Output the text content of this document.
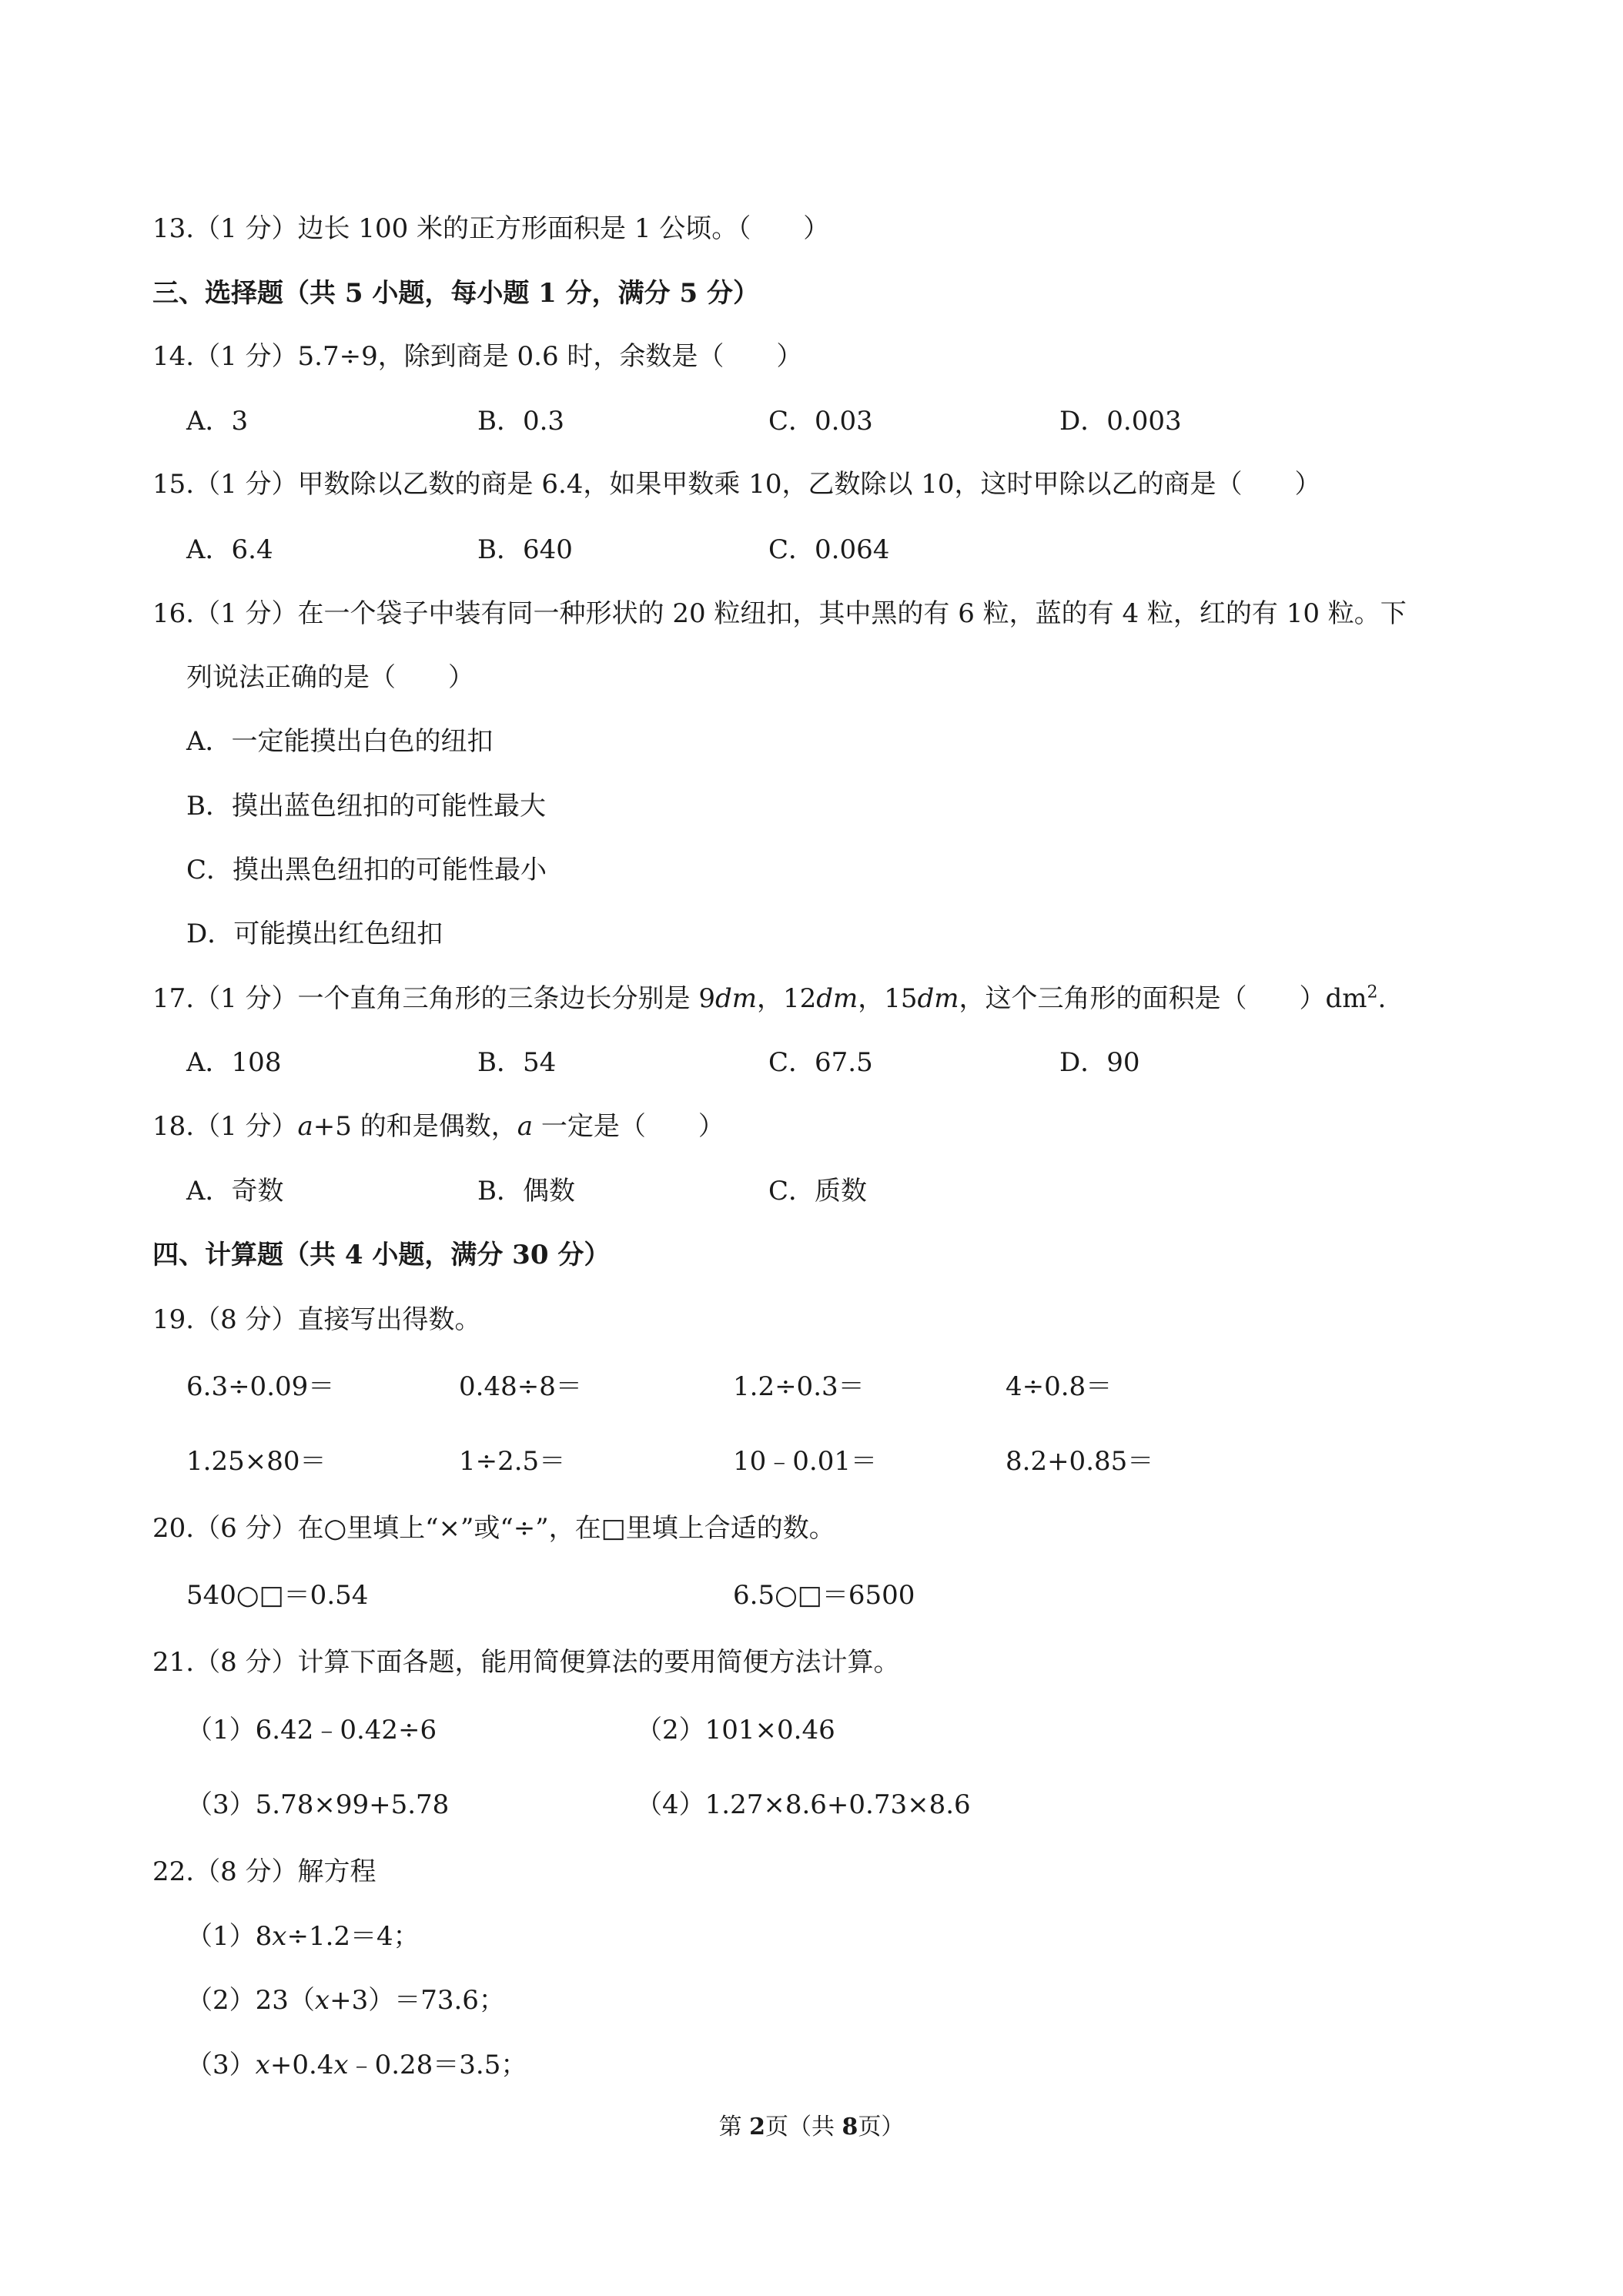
13.（1 分）边长 100 米的正方形面积是 1 公顷。（　　）
三、选择题（共 5 小题，每小题 1 分，满分 5 分）
14.（1 分）5.7÷9，除到商是 0.6 时，余数是（　　）
A．3	B．0.3	C．0.03	D．0.003
15.（1 分）甲数除以乙数的商是 6.4，如果甲数乘 10，乙数除以 10，这时甲除以乙的商是（　　）
A．6.4	B．640	C．0.064
16.（1 分）在一个袋子中装有同一种形状的 20 粒纽扣，其中黑的有 6 粒，蓝的有 4 粒，红的有 10 粒。下
列说法正确的是（　　）
A．一定能摸出白色的纽扣
B．摸出蓝色纽扣的可能性最大
C．摸出黑色纽扣的可能性最小
D．可能摸出红色纽扣
17.（1 分）一个直角三角形的三条边长分别是 9dm，12dm，15dm，这个三角形的面积是（　　）$dm^2$.
A．108	B．54	C．67.5	D．90
18.（1 分）a+5 的和是偶数，a 一定是（　　）
A．奇数	B．偶数	C．质数
四、计算题（共 4 小题，满分 30 分）
19.（8 分）直接写出得数。
6.3÷0.09＝	0.48÷8＝	1.2÷0.3＝	4÷0.8＝
1.25×80＝	1÷2.5＝	10﹣0.01＝	8.2+0.85＝
20.（6 分）在○里填上“×”或“÷”，在□里填上合适的数。
540○□＝0.54	6.5○□＝6500
21.（8 分）计算下面各题，能用简便算法的要用简便方法计算。
（1）6.42﹣0.42÷6	（2）101×0.46
（3）5.78×99+5.78	（4）1.27×8.6+0.73×8.6
22.（8 分）解方程
（1）8x÷1.2＝4；
（2）23（x+3）＝73.6；
（3）x+0.4x﹣0.28＝3.5；
第 2页（共 8页）
